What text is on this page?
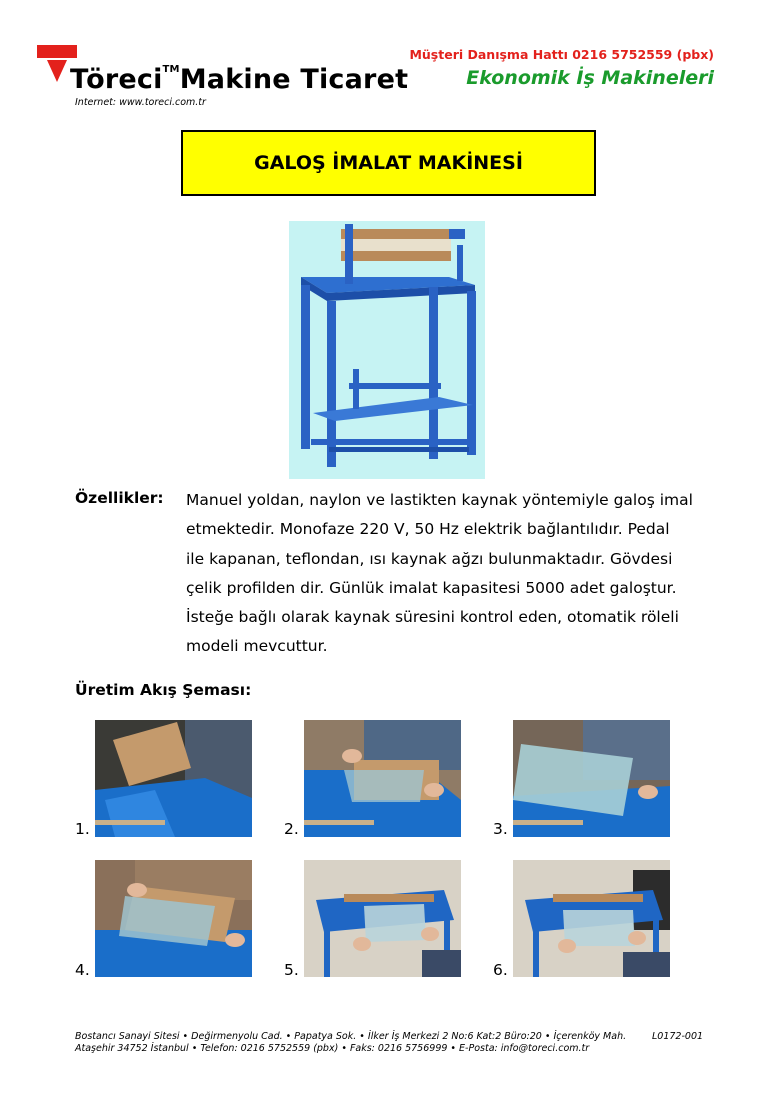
Töreci™Makine Ticaret
Internet: www.toreci.com.tr
Müşteri Danışma Hattı 0216 5752559 (pbx)
Ekonomik İş Makineleri
GALOŞ İMALAT MAKİNESİ
Özellikler: Manuel yoldan, naylon ve lastikten kaynak yöntemiyle galoş imal
etmektedir. Monofaze 220 V, 50 Hz elektrik bağlantılıdır. Pedal
ile kapanan, teflondan, ısı kaynak ağzı bulunmaktadır. Gövdesi
çelik profilden dir. Günlük imalat kapasitesi 5000 adet galoştur.
İsteğe bağlı olarak kaynak süresini kontrol eden, otomatik röleli
modeli mevcuttur.
Üretim Akış Şeması:
1.	2.	3.
4.	5.	6.
Bostancı Sanayi Sitesi • Değirmenyolu Cad. • Papatya Sok. • İlker İş Merkezi 2 No:6 Kat:2 Büro:20 • İçerenköy Mah.
Ataşehir 34752 İstanbul • Telefon: 0216 5752559 (pbx) • Faks: 0216 5756999 • E-Posta: info@toreci.com.tr
L0172-001
